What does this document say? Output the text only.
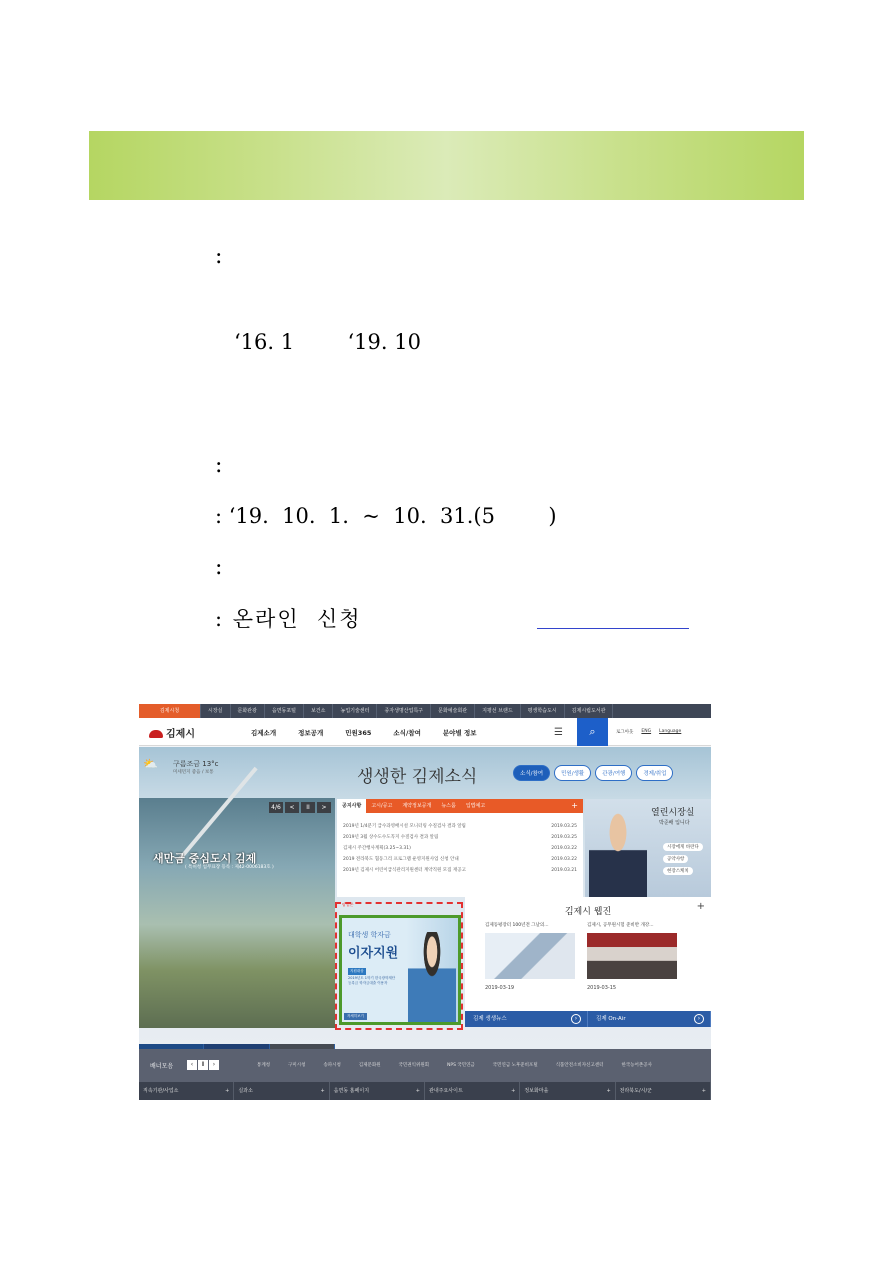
:
‘16. 1        ‘19. 10
:
: ‘19.  10.  1.  ~  10.  31.(5        )
:
: 온라인  신청
김제시청	시장실	문화관광	읍면동포털	보건소	농업기술센터	종자생명산업특구	문화예술회관	지평선 브랜드	평생학습도시	김제시립도서관
김제시	김제소개	정보공개	민원365	소식/참여	분야별 정보	☰	⌕	로그아웃 ENG Language
⛅ 구름조금 13°c
미세먼지 좋음 / 보통	생생한 김제소식	소식/참여	민원/생활	관광/여행	경제/취업
4/6	<	II	>
새만금 중심도시 김제
( 특허청 업무표장 등록 : 제42-0006183호 )
공지사항	고시/공고	계약정보공개	뉴스룸	입법예고	+
2019년 1/4분기 급수과영배시설 모니터링 수질검사 결과 알림	2019.03.25
2019년 3월 상수도수도꼭지 수질검사 결과 알림	2019.03.25
김제시 주간행사계획(3.25~3.31)	2019.03.22
2019 전라북도 협동그리 프로그램 운영지원사업 신청 안내	2019.03.22
2019년 김제시 어린이급식관리지원센터 계약직원 모집 재공고	2019.03.21
열린시장실
박준배 입니다
시장에게 바란다
공약사항
현장스케치
팝업존
대학생 학자금
이자지원
지원대상
2019년도 1학기 한국장학재단 등록금 학자금대출 이용자
자세히보기
김제시 웹진	+
김제동평장터 100년전 그날의...
2019-03-19
김제시, 공무원시험 준비반 개강...
2019-03-15
김제 생생뉴스	›	김제 On-Air	›
배너모음	‹	Ⅱ	›	통계청	구미시청	송파시청	김제문화원	국민권익위원회	NPS 국민연금	국민연금 노후준비포털	식품안전소비자신고센터	한국농어촌공사
직속기관/사업소 +	실과소 +	읍면동 홈페이지 +	관내주요사이트 +	정보화마을 +	전라북도/시/군 +
